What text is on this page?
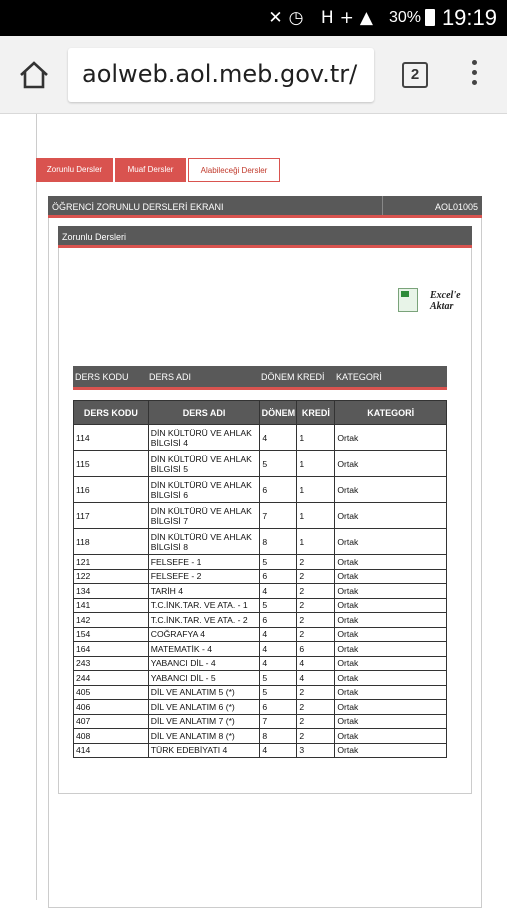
✕◷ H+▲ 30% 19:19
aolweb.aol.meb.gov.tr/	2
Zorunlu Dersler	Muaf Dersler	Alabileceği Dersler
ÖĞRENCİ ZORUNLU DERSLERİ EKRANI	AOL01005
Zorunlu Dersleri
Excel'e
Aktar
DERS KODU DERS ADI	DÖNEM KREDİ KATEGORİ
DERS KODU	DERS ADI	DÖNEM	KREDİ	KATEGORİ
114	DİN KÜLTÜRÜ VE AHLAK BİLGİSİ 4	4	1	Ortak
115	DİN KÜLTÜRÜ VE AHLAK BİLGİSİ 5	5	1	Ortak
116	DİN KÜLTÜRÜ VE AHLAK BİLGİSİ 6	6	1	Ortak
117	DİN KÜLTÜRÜ VE AHLAK BİLGİSİ 7	7	1	Ortak
118	DİN KÜLTÜRÜ VE AHLAK BİLGİSİ 8	8	1	Ortak
121	FELSEFE - 1	5	2	Ortak
122	FELSEFE - 2	6	2	Ortak
134	TARİH 4	4	2	Ortak
141	T.C.İNK.TAR. VE ATA. - 1	5	2	Ortak
142	T.C.İNK.TAR. VE ATA. - 2	6	2	Ortak
154	COĞRAFYA 4	4	2	Ortak
164	MATEMATİK - 4	4	6	Ortak
243	YABANCI DİL - 4	4	4	Ortak
244	YABANCI DİL - 5	5	4	Ortak
405	DİL VE ANLATIM 5 (*)	5	2	Ortak
406	DİL VE ANLATIM 6 (*)	6	2	Ortak
407	DİL VE ANLATIM 7 (*)	7	2	Ortak
408	DİL VE ANLATIM 8 (*)	8	2	Ortak
414	TÜRK EDEBİYATI 4	4	3	Ortak
